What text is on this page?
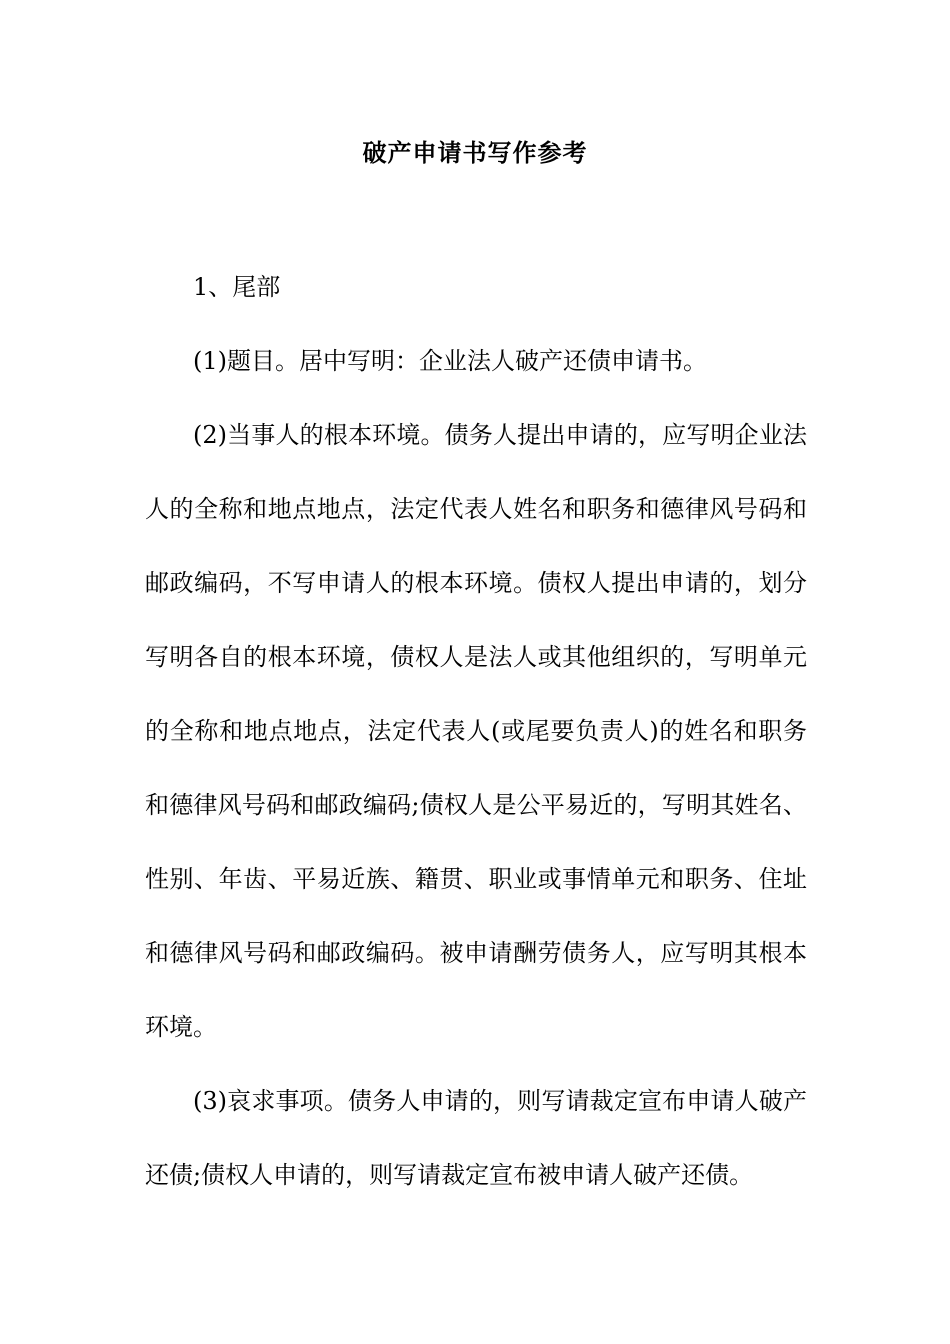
破产申请书写作参考

1、尾部

(1)题目。居中写明：企业法人破产还债申请书。

(2)当事人的根本环境。债务人提出申请的，应写明企业法人的全称和地点地点，法定代表人姓名和职务和德律风号码和邮政编码，不写申请人的根本环境。债权人提出申请的，划分写明各自的根本环境，债权人是法人或其他组织的，写明单元的全称和地点地点，法定代表人(或尾要负责人)的姓名和职务和德律风号码和邮政编码;债权人是公平易近的，写明其姓名、性别、年齿、平易近族、籍贯、职业或事情单元和职务、住址和德律风号码和邮政编码。被申请酬劳债务人，应写明其根本环境。

(3)哀求事项。债务人申请的，则写请裁定宣布申请人破产还债;债权人申请的，则写请裁定宣布被申请人破产还债。
